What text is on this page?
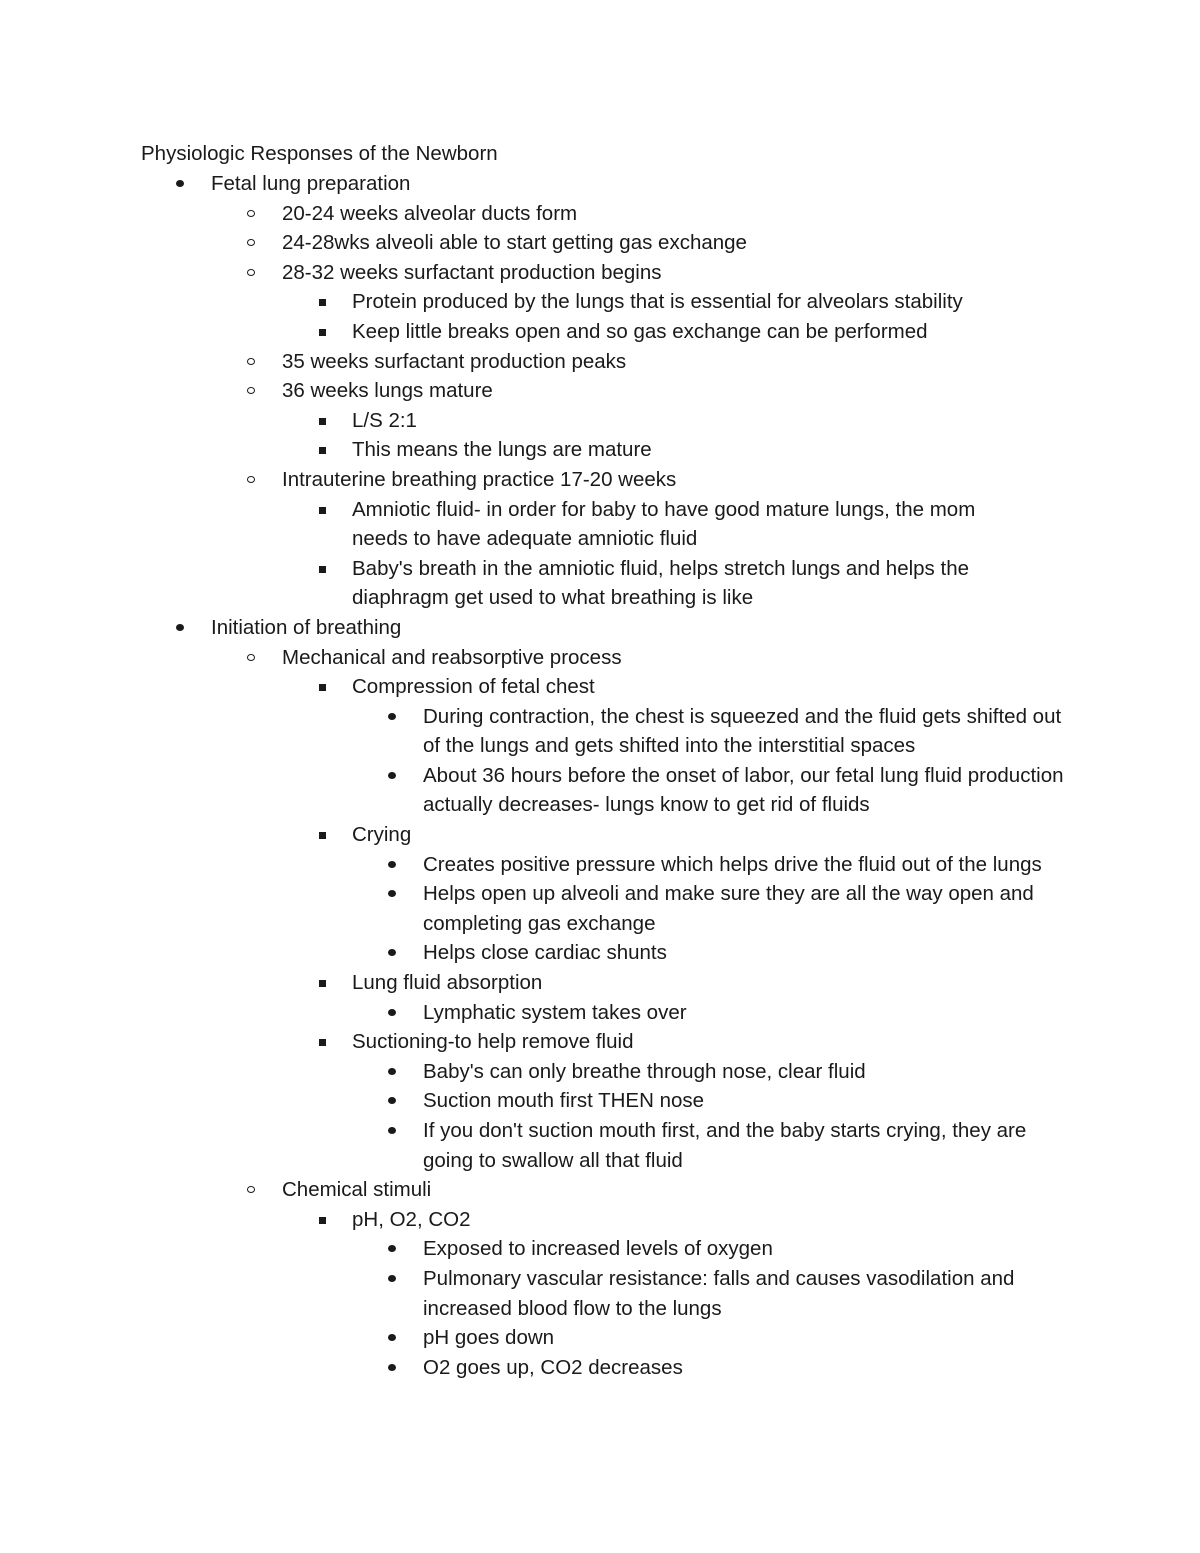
Physiologic Responses of the Newborn
Fetal lung preparation
20-24 weeks alveolar ducts form
24-28wks alveoli able to start getting gas exchange
28-32 weeks surfactant production begins
Protein produced by the lungs that is essential for alveolars stability
Keep little breaks open and so gas exchange can be performed
35 weeks surfactant production peaks
36 weeks lungs mature
L/S 2:1
This means the lungs are mature
Intrauterine breathing practice 17-20 weeks
Amniotic fluid- in order for baby to have good mature lungs, the mom needs to have adequate amniotic fluid
Baby's breath in the amniotic fluid, helps stretch lungs and helps the diaphragm get used to what breathing is like
Initiation of breathing
Mechanical and reabsorptive process
Compression of fetal chest
During contraction, the chest is squeezed and the fluid gets shifted out of the lungs and gets shifted into the interstitial spaces
About 36 hours before the onset of labor, our fetal lung fluid production actually decreases- lungs know to get rid of fluids
Crying
Creates positive pressure which helps drive the fluid out of the lungs
Helps open up alveoli and make sure they are all the way open and completing gas exchange
Helps close cardiac shunts
Lung fluid absorption
Lymphatic system takes over
Suctioning-to help remove fluid
Baby's can only breathe through nose, clear fluid
Suction mouth first THEN nose
If you don't suction mouth first, and the baby starts crying, they are going to swallow all that fluid
Chemical stimuli
pH, O2, CO2
Exposed to increased levels of oxygen
Pulmonary vascular resistance: falls and causes vasodilation and increased blood flow to the lungs
pH goes down
O2 goes up, CO2 decreases
